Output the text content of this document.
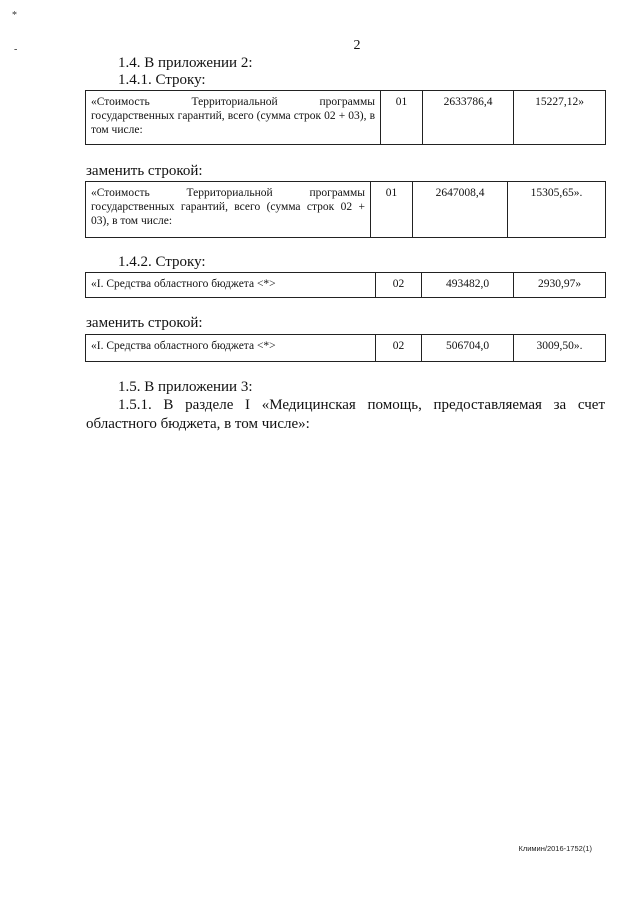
*
-	2
1.4. В приложении 2:
1.4.1. Строку:
«Стоимость Территориальной программы государственных гарантий, всего (сумма строк 02 + 03), в том числе:	01	2633786,4	15227,12»
заменить строкой:
«Стоимость Территориальной программы государственных гарантий, всего (сумма строк 02 + 03), в том числе:	01	2647008,4	15305,65».
1.4.2. Строку:
«I. Средства областного бюджета <*>	02	493482,0	2930,97»
заменить строкой:
«I. Средства областного бюджета <*>	02	506704,0	3009,50».
1.5. В приложении 3:
1.5.1. В разделе I «Медицинская помощь, предоставляемая за счет областного бюджета, в том числе»:
Климин/2016-1752(1)
